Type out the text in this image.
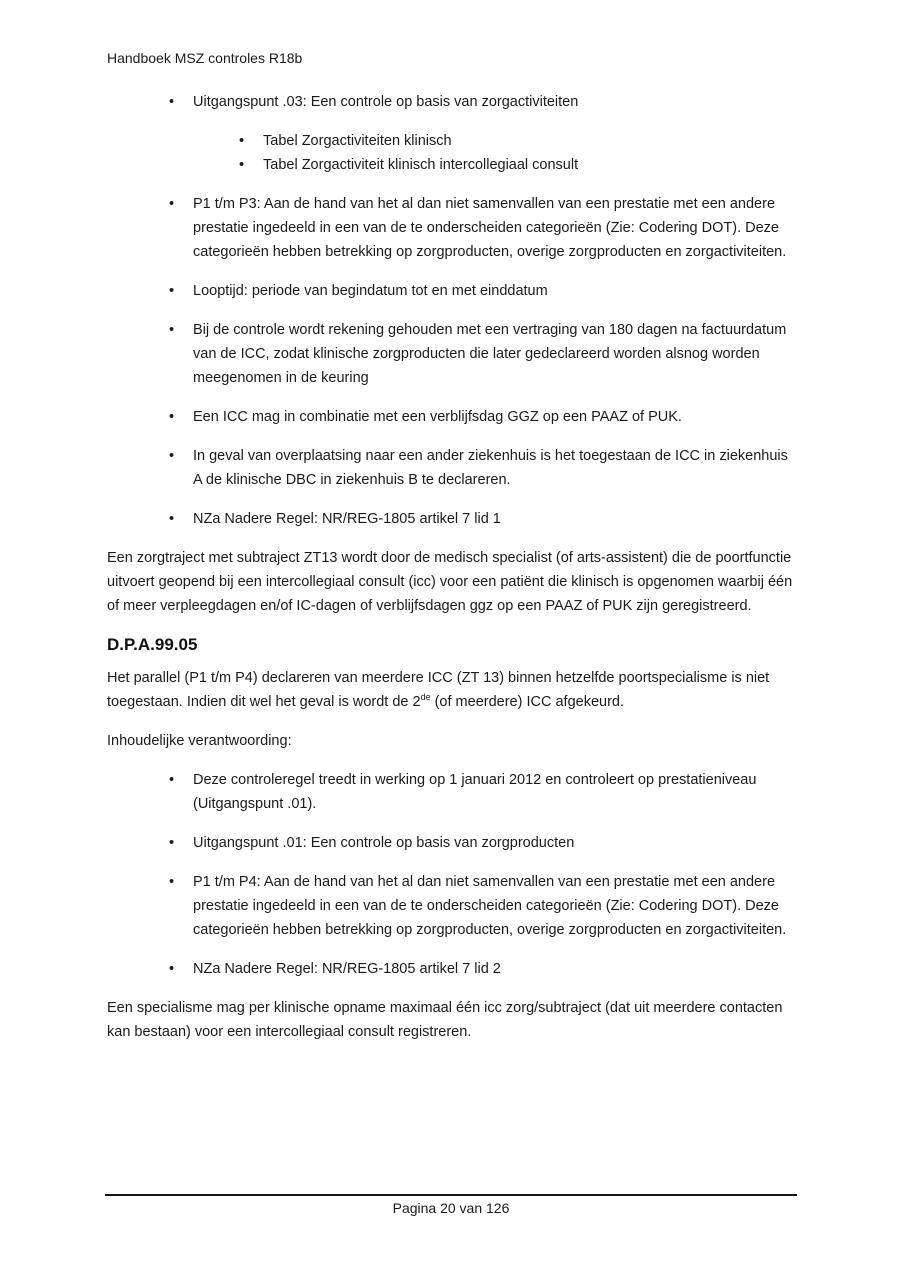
Handboek MSZ controles R18b
•	Uitgangspunt .03: Een controle op basis van zorgactiviteiten
•	Tabel Zorgactiviteiten klinisch
•	Tabel Zorgactiviteit klinisch intercollegiaal consult
•	P1 t/m P3: Aan de hand van het al dan niet samenvallen van een prestatie met een andere prestatie ingedeeld in een van de te onderscheiden categorieën (Zie: Codering DOT). Deze categorieën hebben betrekking op zorgproducten, overige zorgproducten en zorgactiviteiten.
•	Looptijd: periode van begindatum tot en met einddatum
•	Bij de controle wordt rekening gehouden met een vertraging van 180 dagen na factuurdatum van de ICC, zodat klinische zorgproducten die later gedeclareerd worden alsnog worden meegenomen in de keuring
•	Een ICC mag in combinatie met een verblijfsdag GGZ op een PAAZ of PUK.
•	In geval van overplaatsing naar een ander ziekenhuis is het toegestaan de ICC in ziekenhuis A de klinische DBC in ziekenhuis B te declareren.
•	NZa Nadere Regel: NR/REG-1805 artikel 7 lid 1

Een zorgtraject met subtraject ZT13 wordt door de medisch specialist (of arts-assistent) die de poortfunctie uitvoert geopend bij een intercollegiaal consult (icc) voor een patiënt die klinisch is opgenomen waarbij één of meer verpleegdagen en/of IC-dagen of verblijfsdagen ggz op een PAAZ of PUK zijn geregistreerd.

D.P.A.99.05

Het parallel (P1 t/m P4) declareren van meerdere ICC (ZT 13) binnen hetzelfde poortspecialisme is niet toegestaan. Indien dit wel het geval is wordt de 2de (of meerdere) ICC afgekeurd.

Inhoudelijke verantwoording:

•	Deze controleregel treedt in werking op 1 januari 2012 en controleert op prestatieniveau (Uitgangspunt .01).
•	Uitgangspunt .01: Een controle op basis van zorgproducten
•	P1 t/m P4: Aan de hand van het al dan niet samenvallen van een prestatie met een andere prestatie ingedeeld in een van de te onderscheiden categorieën (Zie: Codering DOT). Deze categorieën hebben betrekking op zorgproducten, overige zorgproducten en zorgactiviteiten.
•	NZa Nadere Regel: NR/REG-1805 artikel 7 lid 2

Een specialisme mag per klinische opname maximaal één icc zorg/subtraject (dat uit meerdere contacten kan bestaan) voor een intercollegiaal consult registreren.

Pagina 20 van 126
